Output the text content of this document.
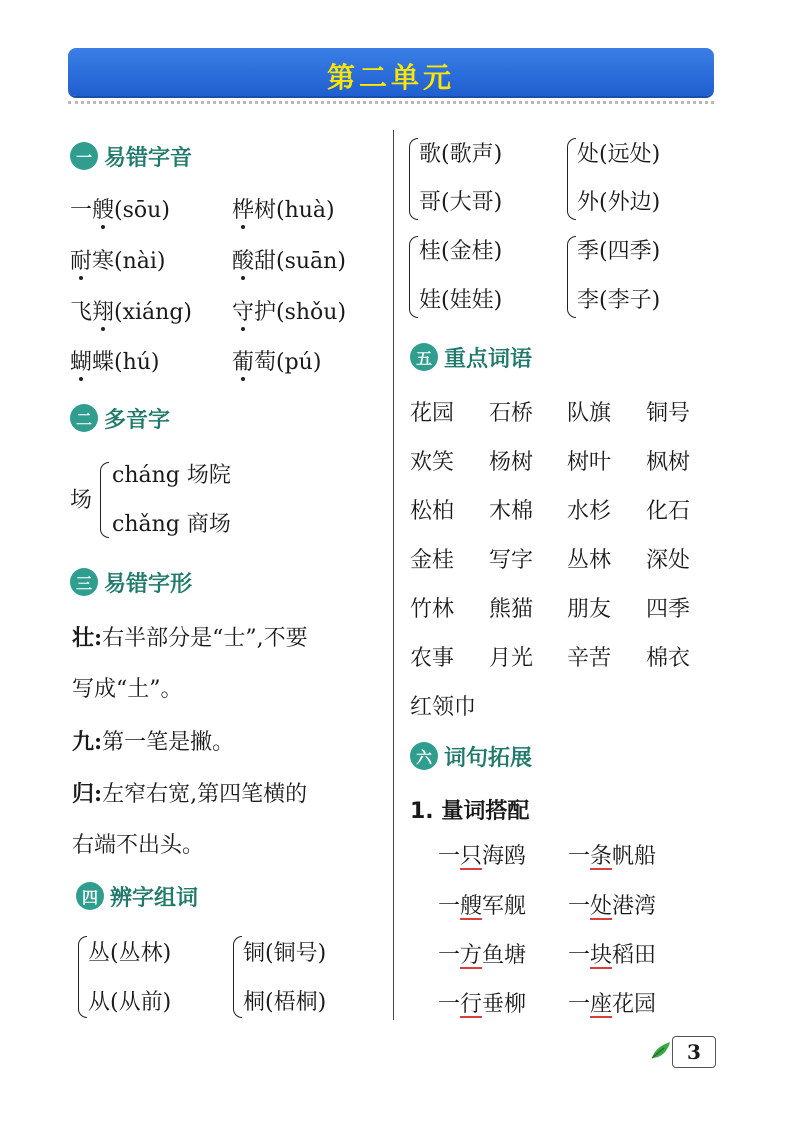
第二单元
一 易错字音
一艘(sōu)	桦树(huà)
耐寒(nài)	酸甜(suān)
飞翔(xiáng) 守护(shǒu)
蝴蝶(hú)	葡萄(pú)
二 多音字
场
cháng 场院
chǎng 商场
三 易错字形
壮:右半部分是“士”,不要
写成“土”。
九:第一笔是撇。
归:左窄右宽,第四笔横的
右端不出头。
四 辨字组词
丛(丛林)
从(从前)
铜(铜号)
桐(梧桐)
歌(歌声)
哥(大哥)
处(远处)
外(外边)
桂(金桂)
娃(娃娃)
季(四季)
李(李子)
五 重点词语
花园 石桥 队旗 铜号
欢笑 杨树 树叶 枫树
松柏 木棉 水杉 化石
金桂 写字 丛林 深处
竹林 熊猫 朋友 四季
农事 月光 辛苦 棉衣
红领巾
六 词句拓展
1. 量词搭配
一只海鸥 一条帆船
一艘军舰 一处港湾
一方鱼塘 一块稻田
一行垂柳 一座花园
3
